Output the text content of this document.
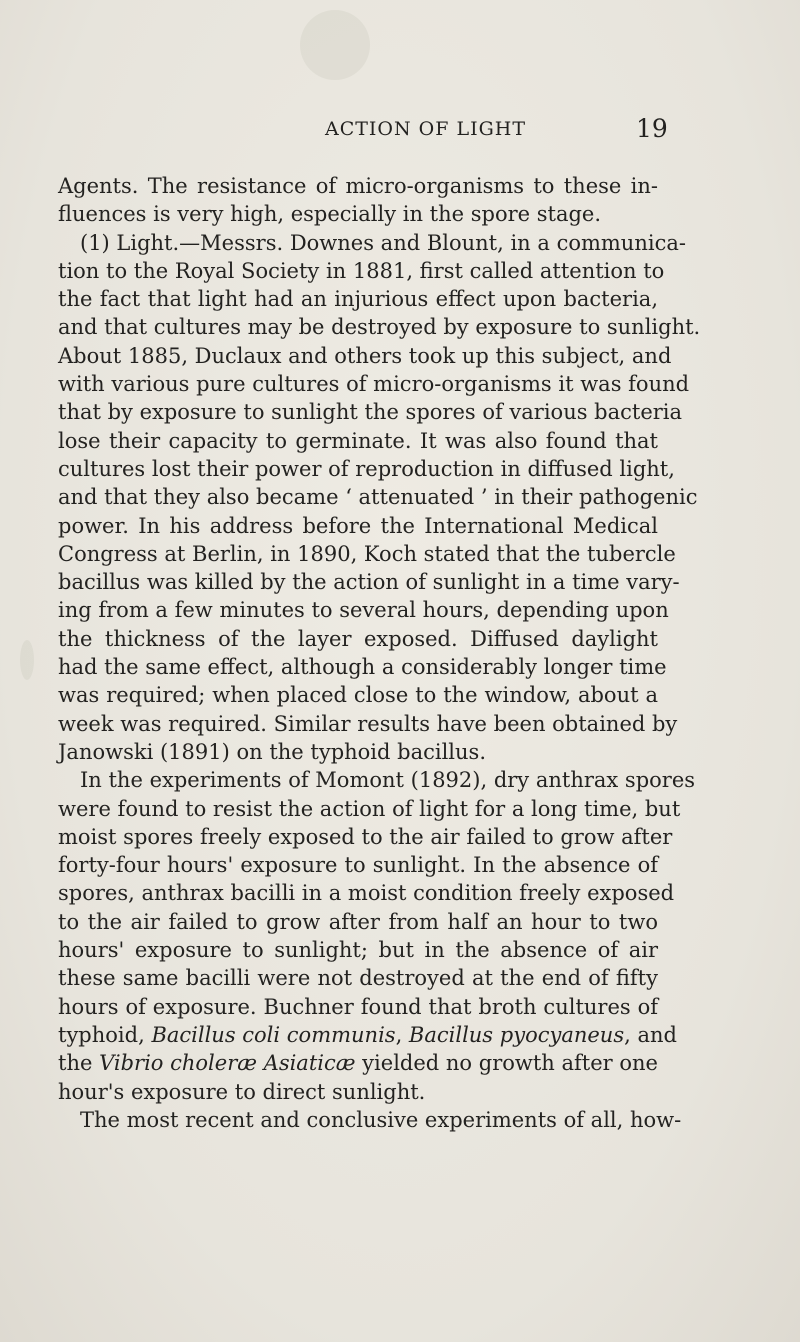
ACTION OF LIGHT	19
Agents. The resistance of micro-organisms to these in-
fluences is very high, especially in the spore stage.
(1) Light.—Messrs. Downes and Blount, in a communica-
tion to the Royal Society in 1881, first called attention to
the fact that light had an injurious effect upon bacteria,
and that cultures may be destroyed by exposure to sunlight.
About 1885, Duclaux and others took up this subject, and
with various pure cultures of micro-organisms it was found
that by exposure to sunlight the spores of various bacteria
lose their capacity to germinate. It was also found that
cultures lost their power of reproduction in diffused light,
and that they also became ‘ attenuated ’ in their pathogenic
power. In his address before the International Medical
Congress at Berlin, in 1890, Koch stated that the tubercle
bacillus was killed by the action of sunlight in a time vary-
ing from a few minutes to several hours, depending upon
the thickness of the layer exposed. Diffused daylight
had the same effect, although a considerably longer time
was required; when placed close to the window, about a
week was required. Similar results have been obtained by
Janowski (1891) on the typhoid bacillus.
In the experiments of Momont (1892), dry anthrax spores
were found to resist the action of light for a long time, but
moist spores freely exposed to the air failed to grow after
forty-four hours' exposure to sunlight. In the absence of
spores, anthrax bacilli in a moist condition freely exposed
to the air failed to grow after from half an hour to two
hours' exposure to sunlight; but in the absence of air
these same bacilli were not destroyed at the end of fifty
hours of exposure. Buchner found that broth cultures of
typhoid, Bacillus coli communis, Bacillus pyocyaneus, and
the Vibrio choleræ Asiaticæ yielded no growth after one
hour's exposure to direct sunlight.
The most recent and conclusive experiments of all, how-
